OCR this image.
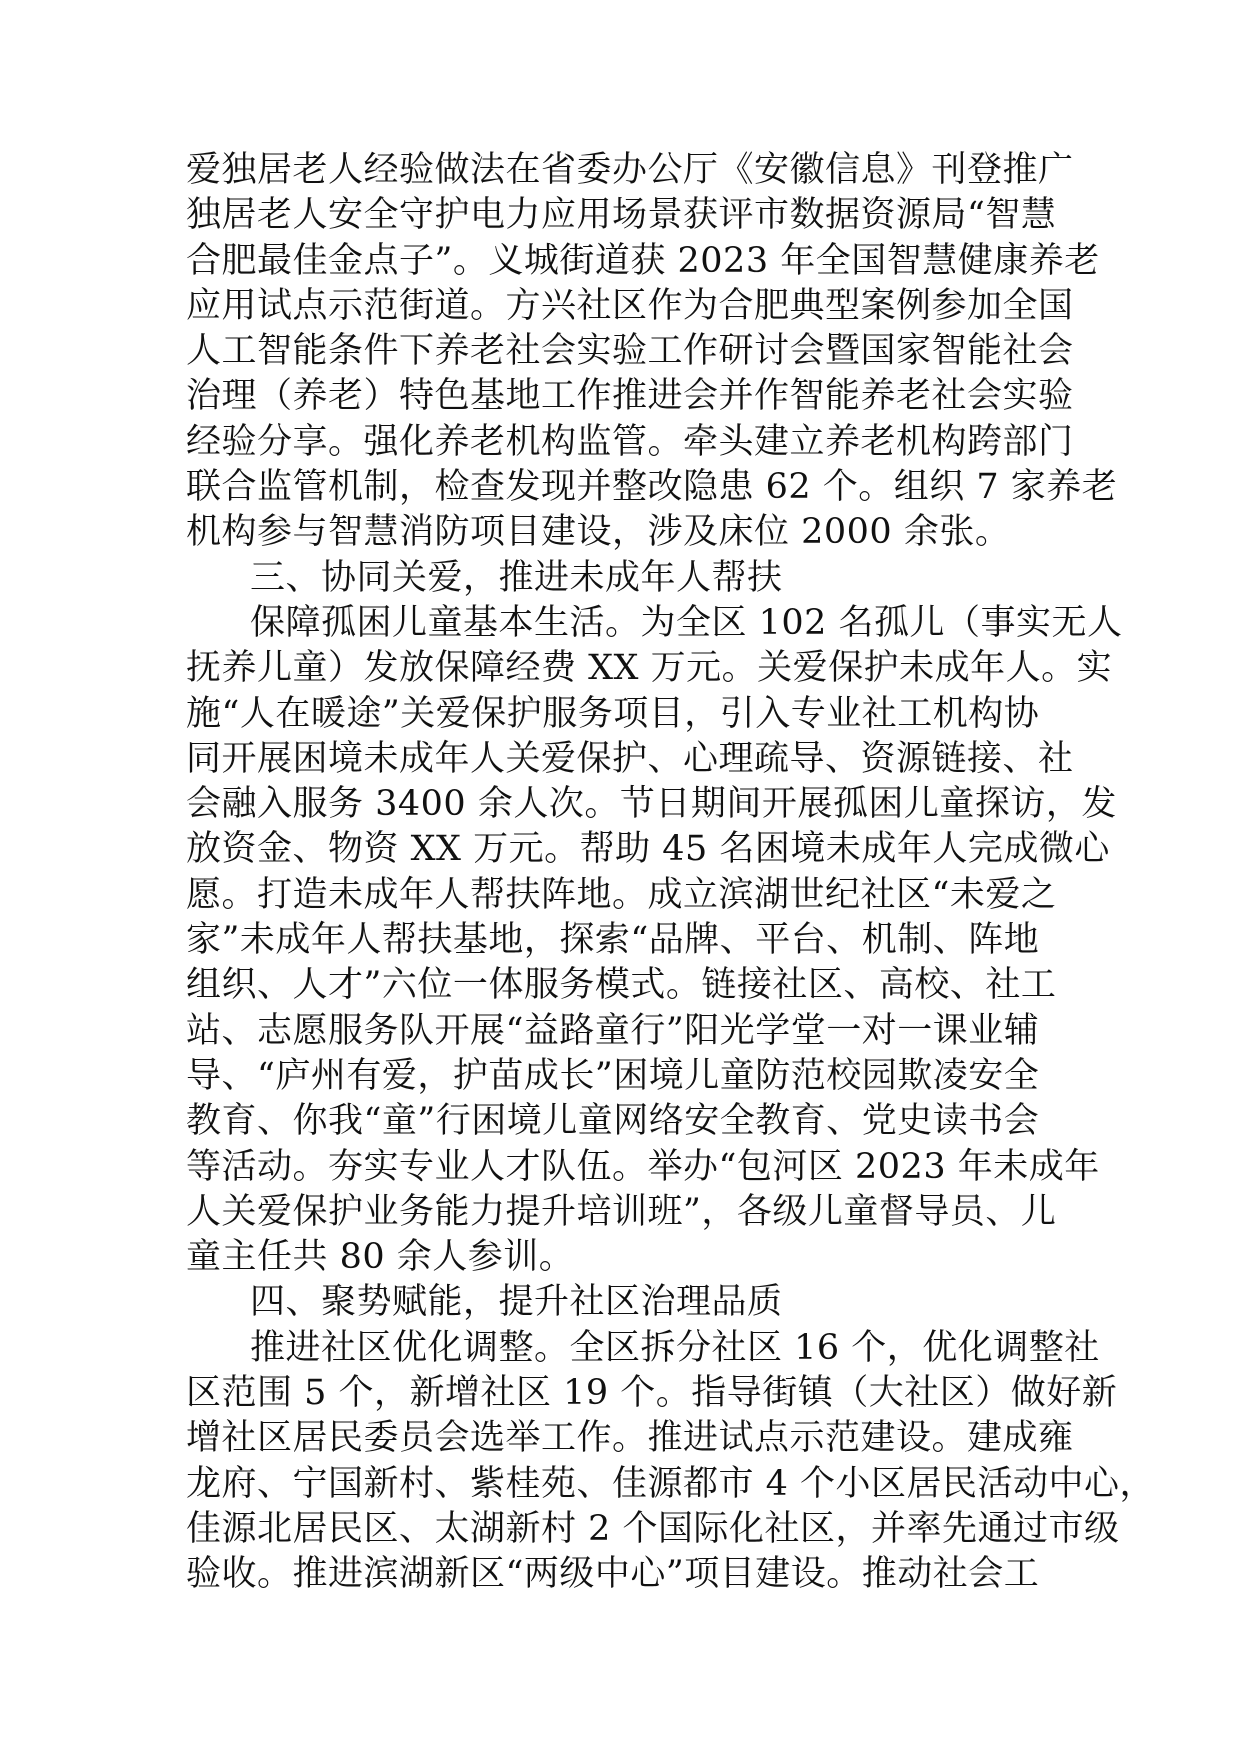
爱独居老人经验做法在省委办公厅《安徽信息》刊登推广
独居老人安全守护电力应用场景获评市数据资源局“智慧
合肥最佳金点子”。义城街道获 2023 年全国智慧健康养老
应用试点示范街道。方兴社区作为合肥典型案例参加全国
人工智能条件下养老社会实验工作研讨会暨国家智能社会
治理（养老）特色基地工作推进会并作智能养老社会实验
经验分享。强化养老机构监管。牵头建立养老机构跨部门
联合监管机制，检查发现并整改隐患 62 个。组织 7 家养老
机构参与智慧消防项目建设，涉及床位 2000 余张。
三、协同关爱，推进未成年人帮扶
保障孤困儿童基本生活。为全区 102 名孤儿（事实无人
抚养儿童）发放保障经费 XX 万元。关爱保护未成年人。实
施“人在暖途”关爱保护服务项目，引入专业社工机构协
同开展困境未成年人关爱保护、心理疏导、资源链接、社
会融入服务 3400 余人次。节日期间开展孤困儿童探访，发
放资金、物资 XX 万元。帮助 45 名困境未成年人完成微心
愿。打造未成年人帮扶阵地。成立滨湖世纪社区“未爱之
家”未成年人帮扶基地，探索“品牌、平台、机制、阵地
组织、人才”六位一体服务模式。链接社区、高校、社工
站、志愿服务队开展“益路童行”阳光学堂一对一课业辅
导、“庐州有爱，护苗成长”困境儿童防范校园欺凌安全
教育、你我“童”行困境儿童网络安全教育、党史读书会
等活动。夯实专业人才队伍。举办“包河区 2023 年未成年
人关爱保护业务能力提升培训班”，各级儿童督导员、儿
童主任共 80 余人参训。
四、聚势赋能，提升社区治理品质
推进社区优化调整。全区拆分社区 16 个，优化调整社
区范围 5 个，新增社区 19 个。指导街镇（大社区）做好新
增社区居民委员会选举工作。推进试点示范建设。建成雍
龙府、宁国新村、紫桂苑、佳源都市 4 个小区居民活动中心，
佳源北居民区、太湖新村 2 个国际化社区，并率先通过市级
验收。推进滨湖新区“两级中心”项目建设。推动社会工
